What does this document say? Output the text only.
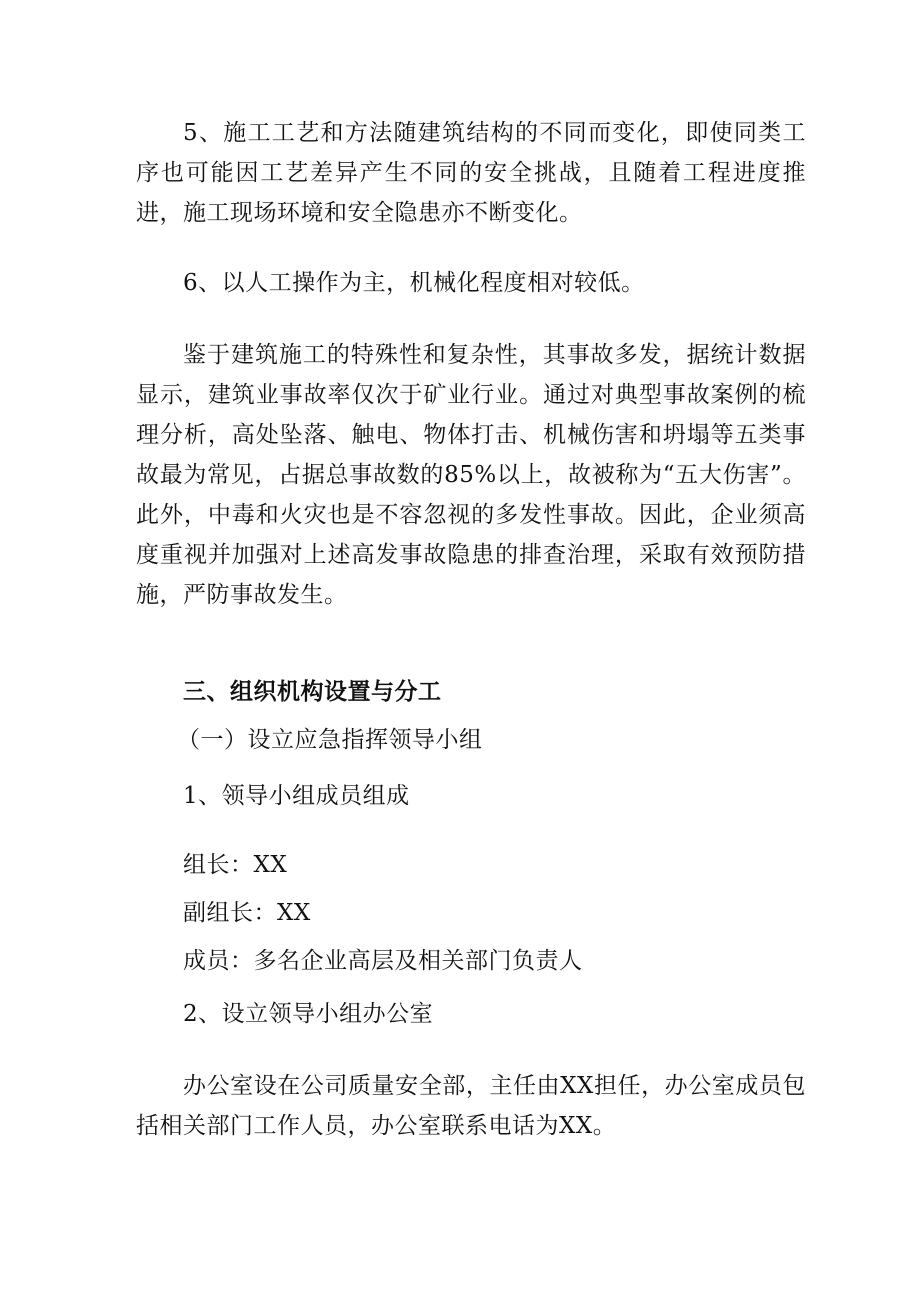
5、施工工艺和方法随建筑结构的不同而变化，即使同类工序也可能因工艺差异产生不同的安全挑战，且随着工程进度推进，施工现场环境和安全隐患亦不断变化。

6、以人工操作为主，机械化程度相对较低。

鉴于建筑施工的特殊性和复杂性，其事故多发，据统计数据显示，建筑业事故率仅次于矿业行业。通过对典型事故案例的梳理分析，高处坠落、触电、物体打击、机械伤害和坍塌等五类事故最为常见，占据总事故数的85%以上，故被称为“五大伤害”。此外，中毒和火灾也是不容忽视的多发性事故。因此，企业须高度重视并加强对上述高发事故隐患的排查治理，采取有效预防措施，严防事故发生。

三、组织机构设置与分工

（一）设立应急指挥领导小组

1、领导小组成员组成

组长：XX

副组长：XX

成员：多名企业高层及相关部门负责人

2、设立领导小组办公室

办公室设在公司质量安全部，主任由XX担任，办公室成员包括相关部门工作人员，办公室联系电话为XX。
